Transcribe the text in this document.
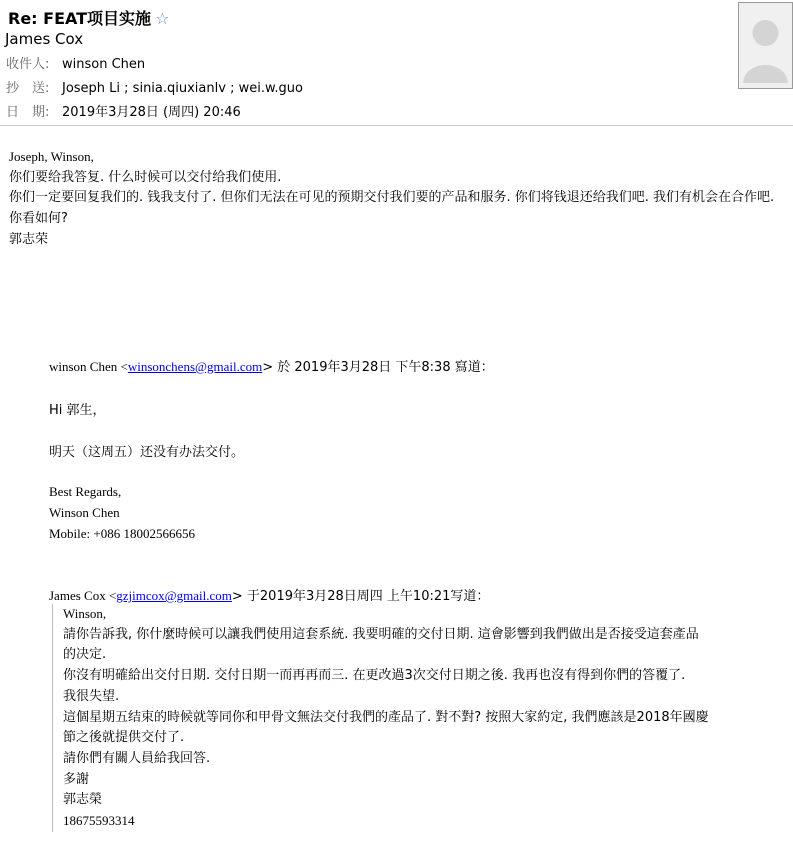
Re: FEAT项目实施 ☆
James Cox
收件人: winson Chen
抄　送: Joseph Li ; sinia.qiuxianlv ; wei.w.guo
日　期: 2019年3月28日 (周四) 20:46
Joseph, Winson,
你们要给我答复. 什么时候可以交付给我们使用.
你们一定要回复我们的. 钱我支付了. 但你们无法在可见的预期交付我们要的产品和服务. 你们将钱退还给我们吧. 我们有机会在合作吧.
你看如何?
郭志荣
winson Chen <winsonchens@gmail.com> 於 2019年3月28日 下午8:38 寫道：
Hi 郭生，
明天（这周五）还没有办法交付。
Best Regards,
Winson Chen
Mobile: +086 18002566656
James Cox <gzjimcox@gmail.com> 于2019年3月28日周四 上午10:21写道：
Winson,
請你告訴我, 你什麼時候可以讓我們使用這套系統. 我要明確的交付日期. 這會影響到我們做出是否接受這套產品
的决定.
你沒有明確給出交付日期. 交付日期一而再再而三. 在更改過3次交付日期之後. 我再也沒有得到你們的答覆了.
我很失望.
這個星期五结束的時候就等同你和甲骨文無法交付我們的產品了. 對不對? 按照大家約定, 我們應該是2018年國慶
節之後就提供交付了.
請你們有關人員給我回答.
多謝
郭志榮
18675593314
